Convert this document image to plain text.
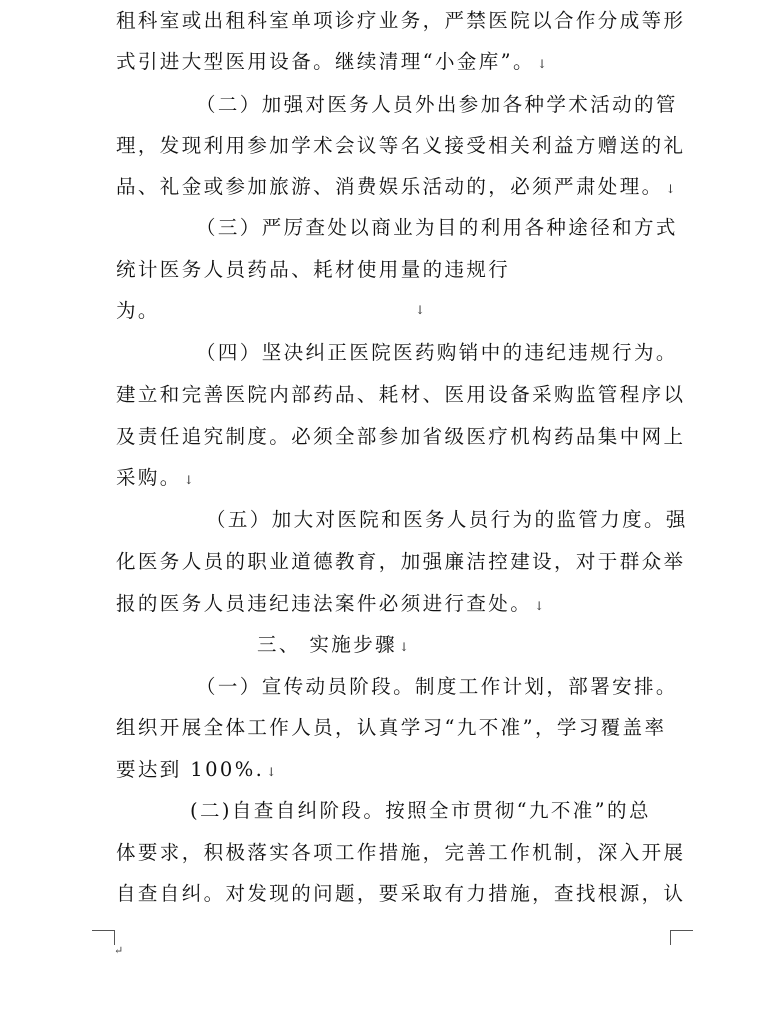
租科室或出租科室单项诊疗业务，严禁医院以合作分成等形
式引进大型医用设备。继续清理“小金库”。 ↓
（二）加强对医务人员外出参加各种学术活动的管
理，发现利用参加学术会议等名义接受相关利益方赠送的礼
品、礼金或参加旅游、消费娱乐活动的，必须严肃处理。 ↓
（三）严厉查处以商业为目的利用各种途径和方式
统计医务人员药品、耗材使用量的违规行
为。	↓
（四）坚决纠正医院医药购销中的违纪违规行为。
建立和完善医院内部药品、耗材、医用设备采购监管程序以
及责任追究制度。必须全部参加省级医疗机构药品集中网上
采购。 ↓
（五）加大对医院和医务人员行为的监管力度。强
化医务人员的职业道德教育，加强廉洁控建设，对于群众举
报的医务人员违纪违法案件必须进行查处。 ↓
三、 实施步骤 ↓
（一）宣传动员阶段。制度工作计划，部署安排。
组织开展全体工作人员，认真学习“九不准”，学习覆盖率
要达到 100%. ↓
(二)自查自纠阶段。按照全市贯彻“九不准”的总
体要求，积极落实各项工作措施，完善工作机制，深入开展
自查自纠。对发现的问题，要采取有力措施，查找根源，认
↵
